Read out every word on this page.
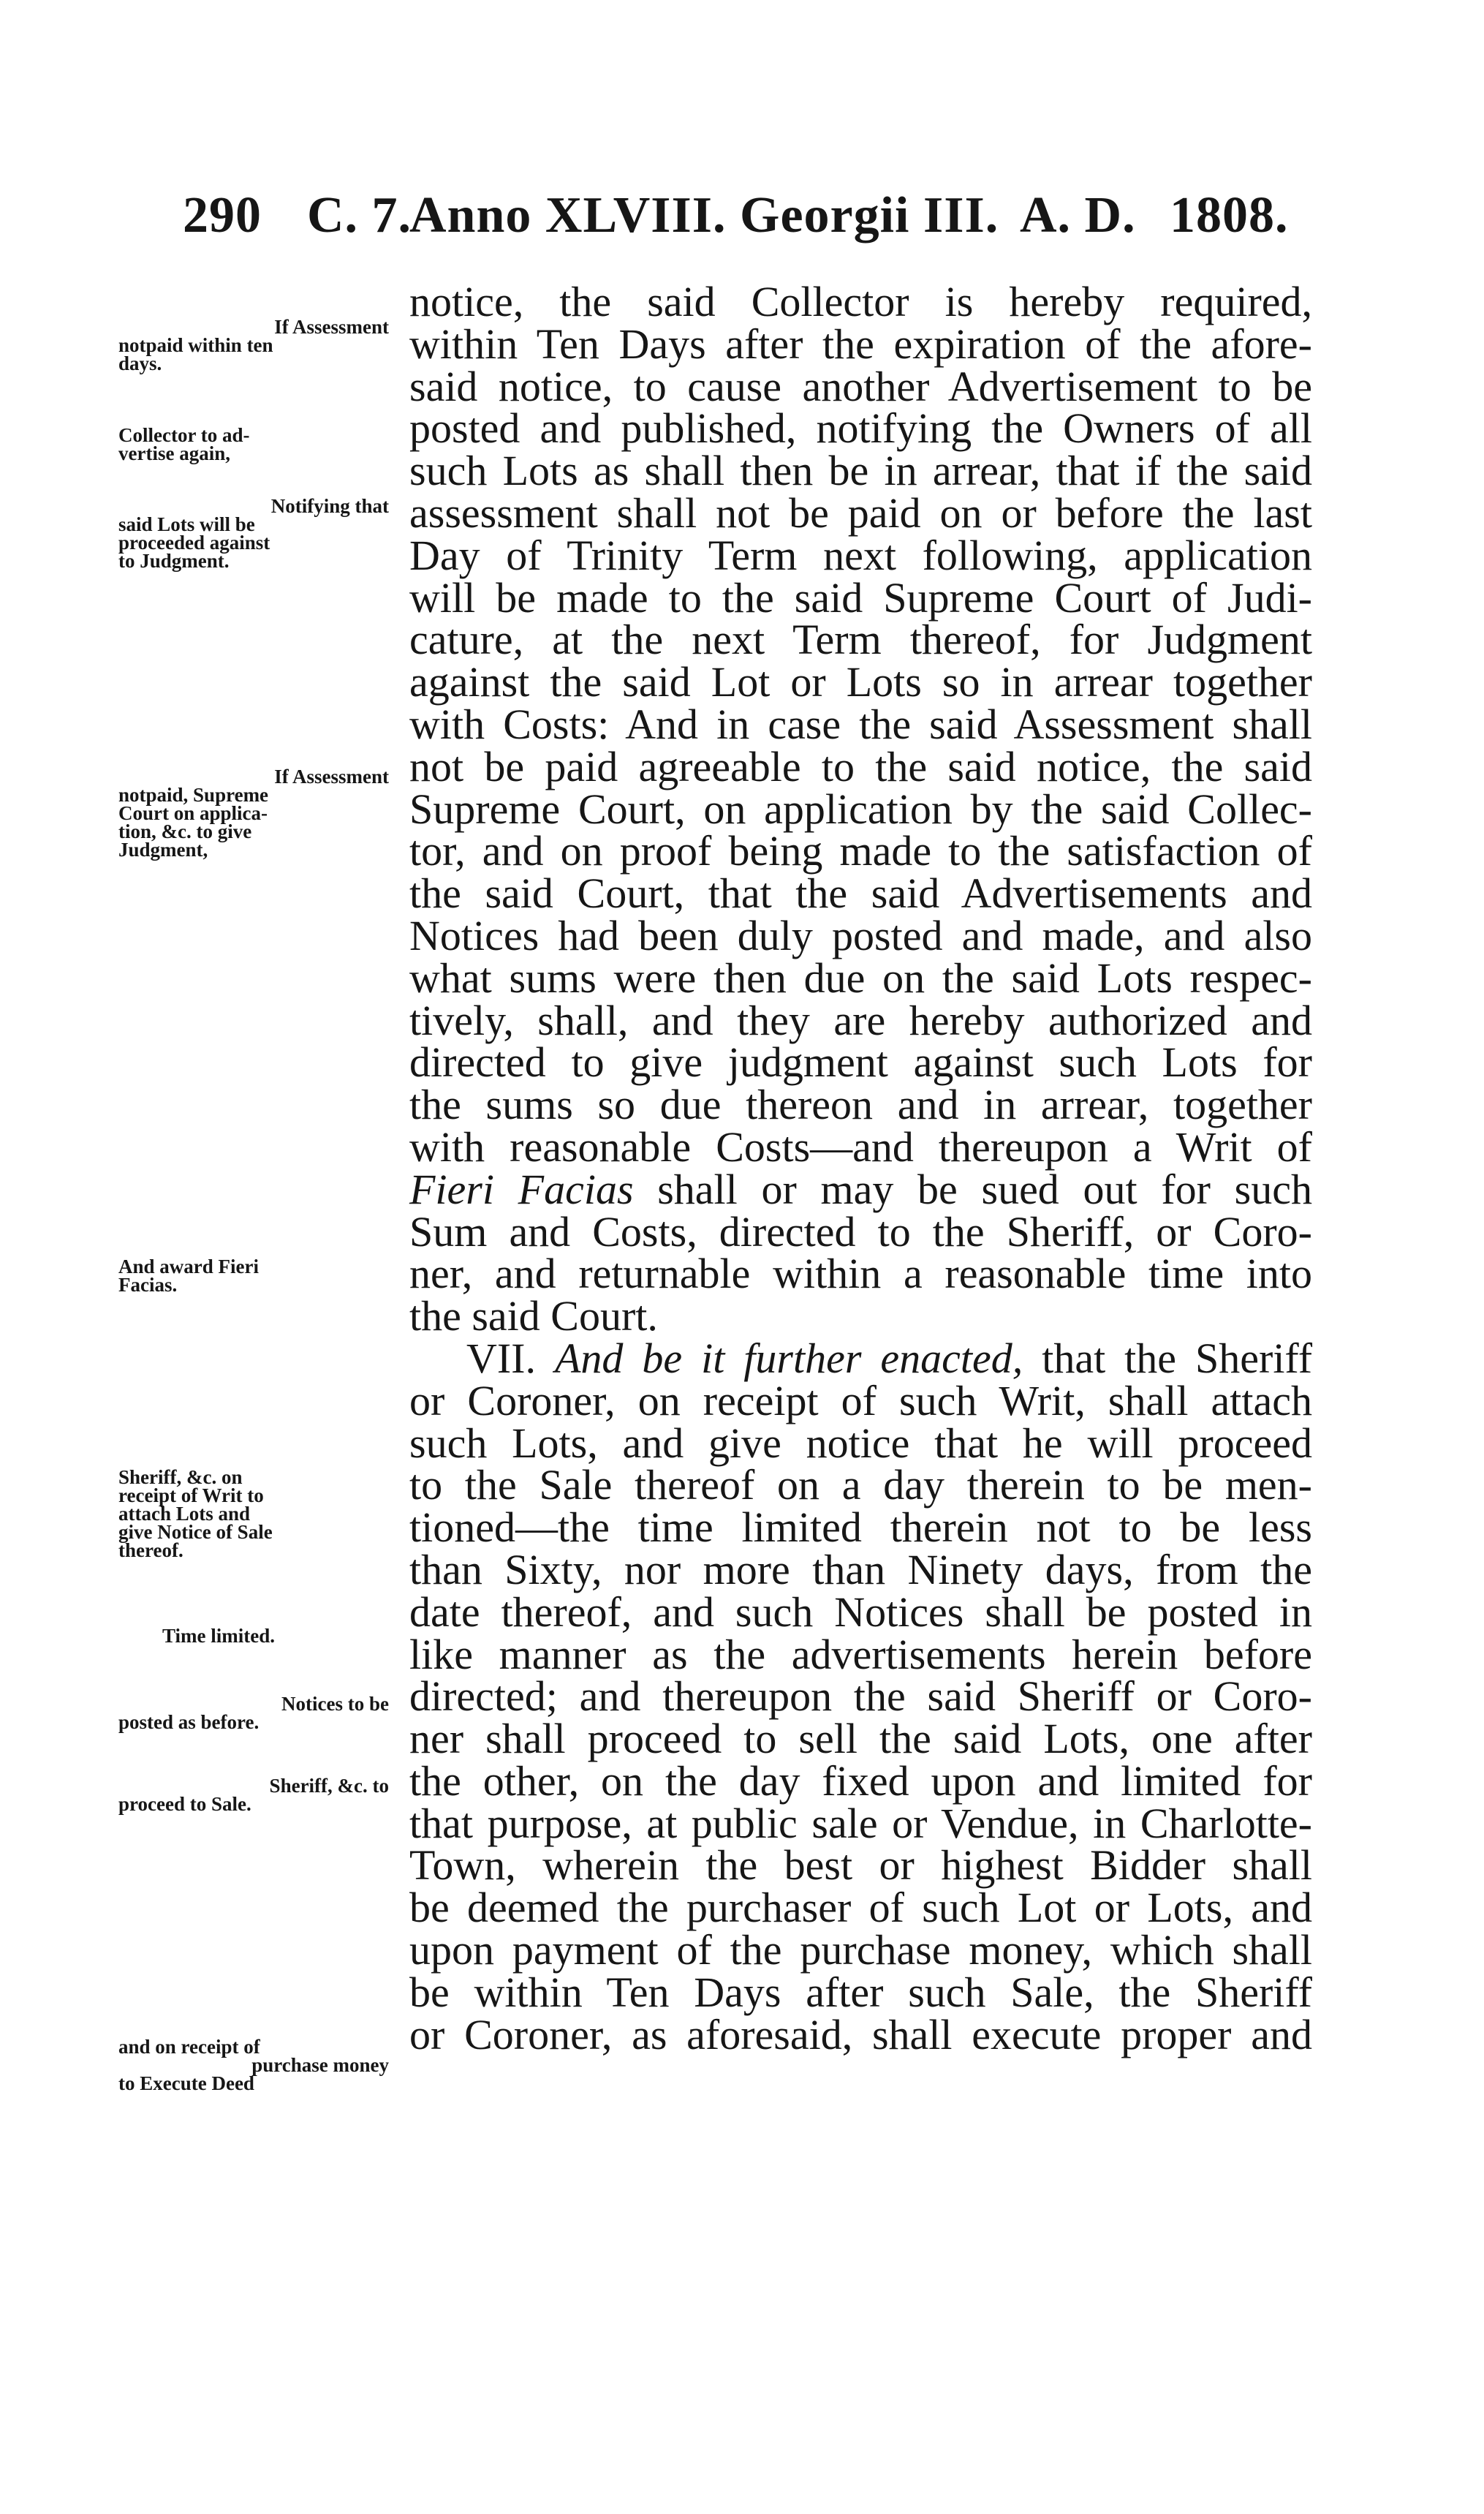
290 C. 7.
Anno XLVIII. Georgii III. A. D. 1808.
notice, the said Collector is hereby required,
within Ten Days after the expiration of the afore-
said notice, to cause another Advertisement to be
posted and published, notifying the Owners of all
such Lots as shall then be in arrear, that if the said
assessment shall not be paid on or before the last
Day of Trinity Term next following, application
will be made to the said Supreme Court of Judi-
cature, at the next Term thereof, for Judgment
against the said Lot or Lots so in arrear together
with Costs: And in case the said Assessment shall
not be paid agreeable to the said notice, the said
Supreme Court, on application by the said Collec-
tor, and on proof being made to the satisfaction of
the said Court, that the said Advertisements and
Notices had been duly posted and made, and also
what sums were then due on the said Lots respec-
tively, shall, and they are hereby authorized and
directed to give judgment against such Lots for
the sums so due thereon and in arrear, together
with reasonable Costs—and thereupon a Writ of
Fieri Facias shall or may be sued out for such
Sum and Costs, directed to the Sheriff, or Coro-
ner, and returnable within a reasonable time into
the said Court.
VII. And be it further enacted, that the Sheriff
or Coroner, on receipt of such Writ, shall attach
such Lots, and give notice that he will proceed
to the Sale thereof on a day therein to be men-
tioned—the time limited therein not to be less
than Sixty, nor more than Ninety days, from the
date thereof, and such Notices shall be posted in
like manner as the advertisements herein before
directed; and thereupon the said Sheriff or Coro-
ner shall proceed to sell the said Lots, one after
the other, on the day fixed upon and limited for
that purpose, at public sale or Vendue, in Charlotte-
Town, wherein the best or highest Bidder shall
be deemed the purchaser of such Lot or Lots, and
upon payment of the purchase money, which shall
be within Ten Days after such Sale, the Sheriff
or Coroner, as aforesaid, shall execute proper and
If Assessment
notpaid within ten
days.
Collector to ad-
vertise again,
Notifying that
said Lots will be
proceeded against
to Judgment.
If Assessment
notpaid, Supreme
Court on applica-
tion, &c. to give
Judgment,
And award Fieri
Facias.
Sheriff, &c. on
receipt of Writ to
attach Lots and
give Notice of Sale
thereof.
Time limited.
Notices to be
posted as before.
Sheriff, &c. to
proceed to Sale.
and on receipt of
purchase money
to Execute Deed
